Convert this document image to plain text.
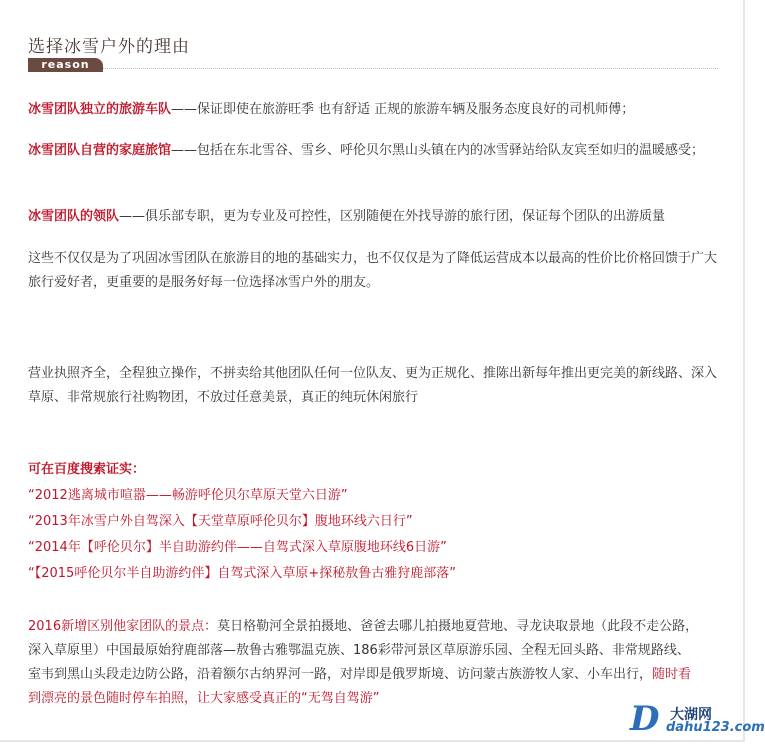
选择冰雪户外的理由
reason
冰雪团队独立的旅游车队——保证即使在旅游旺季 也有舒适 正规的旅游车辆及服务态度良好的司机师傅；
冰雪团队自营的家庭旅馆——包括在东北雪谷、雪乡、呼伦贝尔黑山头镇在内的冰雪驿站给队友宾至如归的温暖感受；
冰雪团队的领队——俱乐部专职，更为专业及可控性，区别随便在外找导游的旅行团，保证每个团队的出游质量
这些不仅仅是为了巩固冰雪团队在旅游目的地的基础实力，也不仅仅是为了降低运营成本以最高的性价比价格回馈于广大旅行爱好者，更重要的是服务好每一位选择冰雪户外的朋友。
营业执照齐全，全程独立操作，不拼卖给其他团队任何一位队友、更为正规化、推陈出新每年推出更完美的新线路、深入草原、非常规旅行社购物团，不放过任意美景，真正的纯玩休闲旅行
可在百度搜索证实：
“2012逃离城市喧嚣——畅游呼伦贝尔草原天堂六日游”
“2013年冰雪户外自驾深入【天堂草原呼伦贝尔】腹地环线六日行”
“2014年【呼伦贝尔】半自助游约伴——自驾式深入草原腹地环线6日游”
“【2015呼伦贝尔半自助游约伴】自驾式深入草原+探秘敖鲁古雅狩鹿部落”
2016新增区别他家团队的景点：莫日格勒河全景拍摄地、爸爸去哪儿拍摄地夏营地、寻龙诀取景地（此段不走公路，深入草原里）中国最原始狩鹿部落—敖鲁古雅鄂温克族、186彩带河景区草原游乐园、全程无回头路、非常规路线、室韦到黑山头段走边防公路，沿着额尔古纳界河一路，对岸即是俄罗斯境、访问蒙古族游牧人家、小车出行，随时看到漂亮的景色随时停车拍照，让大家感受真正的“无驾自驾游”
D 大湖网
dahu123.com
